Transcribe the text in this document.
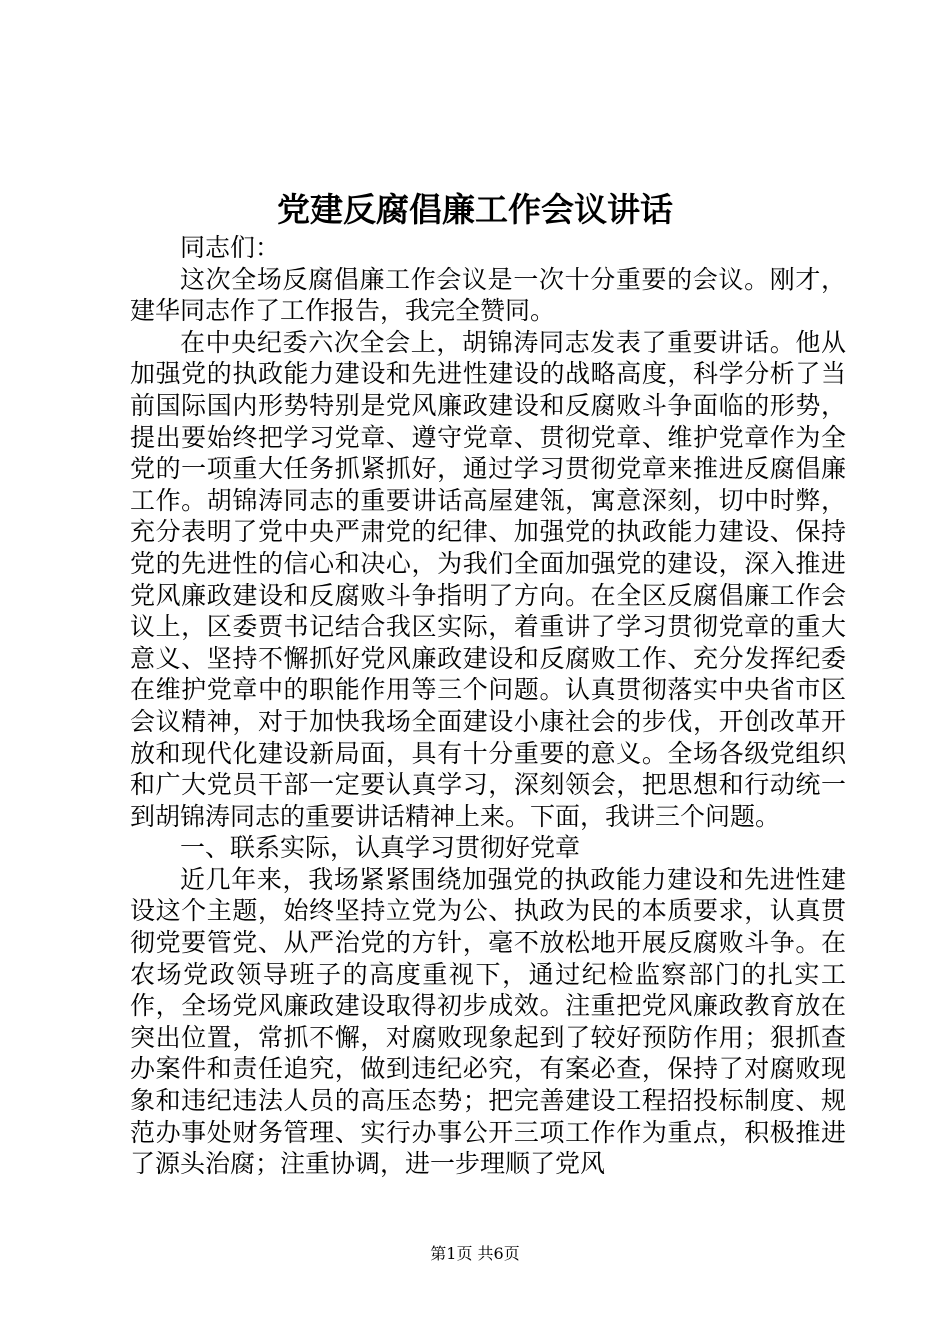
党建反腐倡廉工作会议讲话

同志们：

这次全场反腐倡廉工作会议是一次十分重要的会议。刚才，建华同志作了工作报告，我完全赞同。

在中央纪委六次全会上，胡锦涛同志发表了重要讲话。他从加强党的执政能力建设和先进性建设的战略高度，科学分析了当前国际国内形势特别是党风廉政建设和反腐败斗争面临的形势，提出要始终把学习党章、遵守党章、贯彻党章、维护党章作为全党的一项重大任务抓紧抓好，通过学习贯彻党章来推进反腐倡廉工作。胡锦涛同志的重要讲话高屋建瓴，寓意深刻，切中时弊，充分表明了党中央严肃党的纪律、加强党的执政能力建设、保持党的先进性的信心和决心，为我们全面加强党的建设，深入推进党风廉政建设和反腐败斗争指明了方向。在全区反腐倡廉工作会议上，区委贾书记结合我区实际，着重讲了学习贯彻党章的重大意义、坚持不懈抓好党风廉政建设和反腐败工作、充分发挥纪委在维护党章中的职能作用等三个问题。认真贯彻落实中央省市区会议精神，对于加快我场全面建设小康社会的步伐，开创改革开放和现代化建设新局面，具有十分重要的意义。全场各级党组织和广大党员干部一定要认真学习，深刻领会，把思想和行动统一到胡锦涛同志的重要讲话精神上来。下面，我讲三个问题。

一、联系实际，认真学习贯彻好党章

近几年来，我场紧紧围绕加强党的执政能力建设和先进性建设这个主题，始终坚持立党为公、执政为民的本质要求，认真贯彻党要管党、从严治党的方针，毫不放松地开展反腐败斗争。在农场党政领导班子的高度重视下，通过纪检监察部门的扎实工作，全场党风廉政建设取得初步成效。注重把党风廉政教育放在突出位置，常抓不懈，对腐败现象起到了较好预防作用；狠抓查办案件和责任追究，做到违纪必究，有案必查，保持了对腐败现象和违纪违法人员的高压态势；把完善建设工程招投标制度、规范办事处财务管理、实行办事公开三项工作作为重点，积极推进了源头治腐；注重协调，进一步理顺了党风

第1页 共6页
